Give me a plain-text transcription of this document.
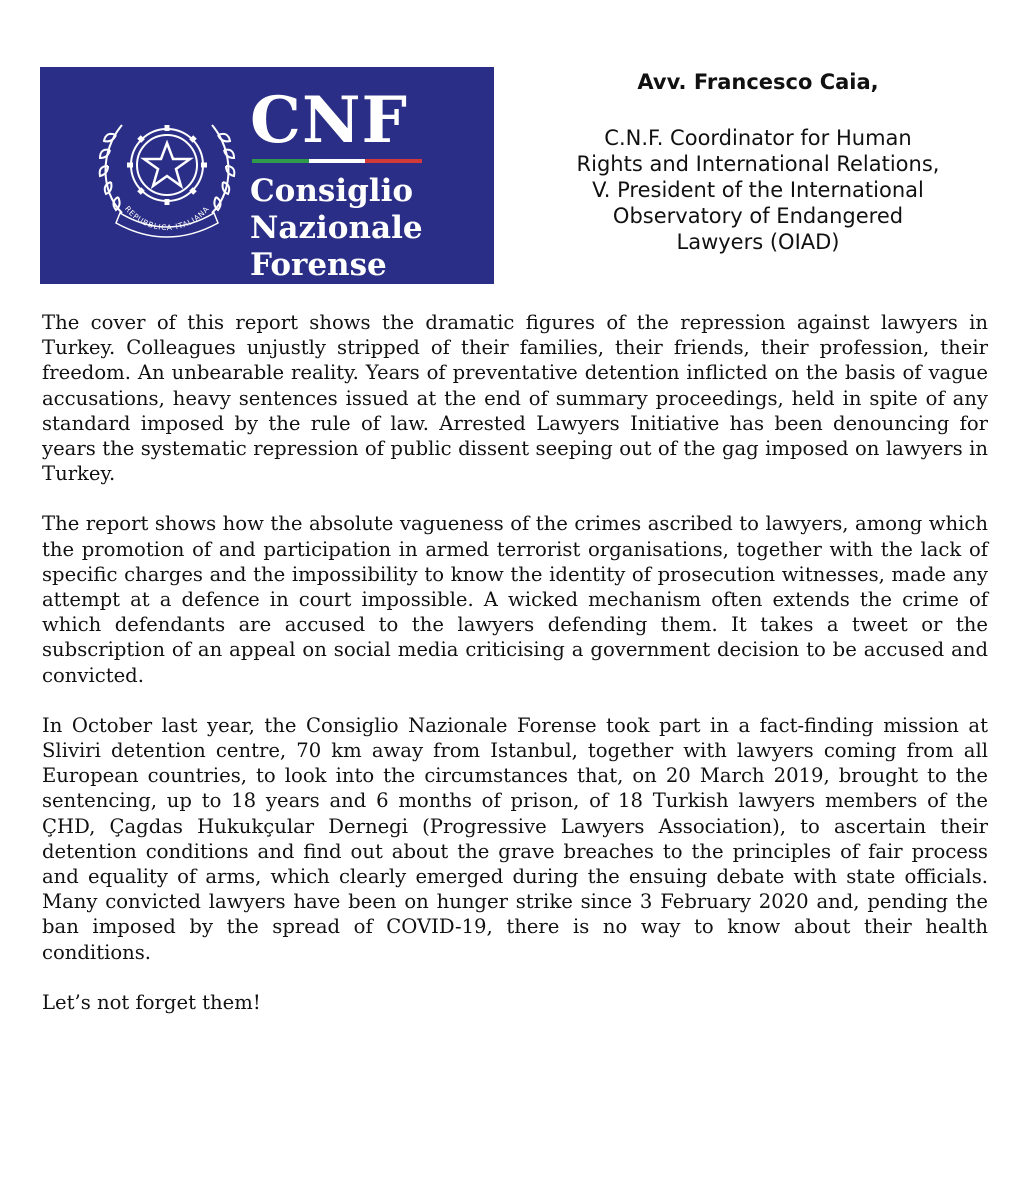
REPUBBLICA ITALIANA
CNF
Consiglio
Nazionale
Forense
Avv. Francesco Caia,
C.N.F. Coordinator for Human Rights and International Relations, V. President of the International Observatory of Endangered Lawyers (OIAD)

The cover of this report shows the dramatic figures of the repression against lawyers in Turkey. Colleagues unjustly stripped of their families, their friends, their profession, their freedom. An unbearable reality. Years of preventative detention inflicted on the basis of vague accusations, heavy sentences issued at the end of summary proceedings, held in spite of any standard imposed by the rule of law. Arrested Lawyers Initiative has been denouncing for years the systematic repression of public dissent seeping out of the gag imposed on lawyers in Turkey.

The report shows how the absolute vagueness of the crimes ascribed to lawyers, among which the promotion of and participation in armed terrorist organisations, together with the lack of specific charges and the impossibility to know the identity of prosecution witnesses, made any attempt at a defence in court impossible. A wicked mechanism often extends the crime of which defendants are accused to the lawyers defending them. It takes a tweet or the subscription of an appeal on social media criticising a government decision to be accused and convicted.

In October last year, the Consiglio Nazionale Forense took part in a fact-finding mission at Sliviri detention centre, 70 km away from Istanbul, together with lawyers coming from all European countries, to look into the circumstances that, on 20 March 2019, brought to the sentencing, up to 18 years and 6 months of prison, of 18 Turkish lawyers members of the ÇHD, Çagdas Hukukçular Dernegi (Progressive Lawyers Association), to ascertain their detention conditions and find out about the grave breaches to the principles of fair process and equality of arms, which clearly emerged during the ensuing debate with state officials. Many convicted lawyers have been on hunger strike since 3 February 2020 and, pending the ban imposed by the spread of COVID-19, there is no way to know about their health conditions.

Let’s not forget them!
